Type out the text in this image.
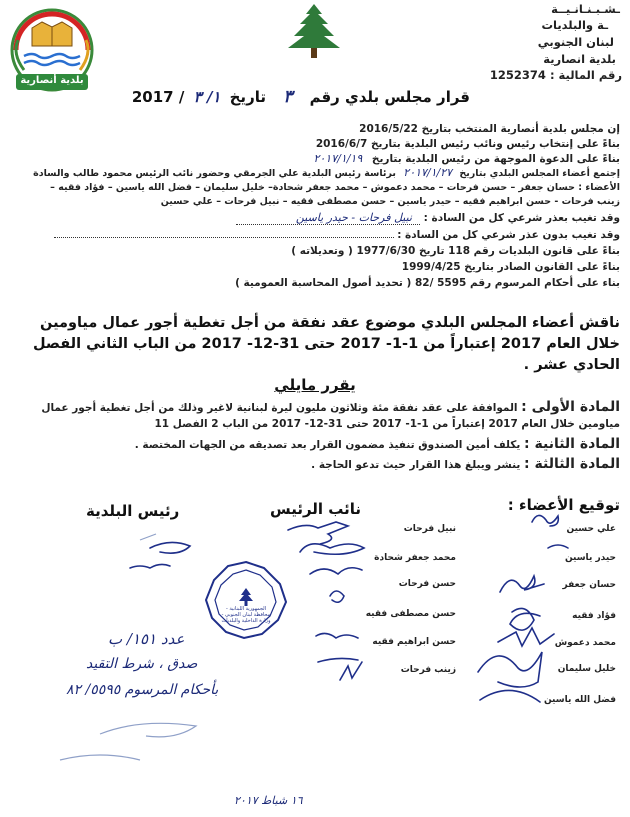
بلدية أنصارية
ـشـبـنـانـيــة
ـة والبلديات
لبنان الجنوبي
بلدية انصارية
رقم المالية : 1252374
قرار مجلس بلدي رقم ٣ تاريخ ١/ ٣ / 2017
إن مجلس بلدية أنصارية المنتخب بتاريخ 2016/5/22
بناءً على إنتخاب رئيس ونائب رئيس البلدية بتاريخ 2016/6/7
بناءً على الدعوة الموجهة من رئيس البلدية بتاريخ ٢٠١٧/١/١٩
إجتمع أعضاء المجلس البلدي بتاريخ ٢٠١٧/١/٢٧ برئاسة رئيس البلدية علي الجرمقي وحضور نائب الرئيس محمود طالب والسادة
الأعضاء : حسان جعفر – حسن فرحات – محمد دعموش – محمد جعفر شحادة– خليل سليمان – فضل الله ياسين – فؤاد فقيه –
زينب فرحات - حسن ابراهيم فقيه – حيدر ياسين – حسن مصطفى فقيه – نبيل فرحات – علي حسين
وقد تغيب بعذر شرعي كل من السادة : نبيل فرحات - حيدر ياسين
وقد تغيب بدون عذر شرعي كل من السادة :
بناءً على قانون البلديات رقم 118 تاريخ 1977/6/30 ( وتعديلاته )
بناءً على القانون الصادر بتاريخ 1999/4/25
بناء على أحكام المرسوم رقم 5595 /82 ( تحديد أصول المحاسبة العمومية )
ناقش أعضاء المجلس البلدي موضوع عقد نفقة من أجل تغطية أجور عمال مياومين خلال العام 2017 إعتباراً من 1-1- 2017 حتى 31-12- 2017 من الباب الثاني الفصل الحادي عشر .
يقرر مايلي
المادة الأولى : الموافقة على عقد نفقة مئة وثلاثون مليون ليرة لبنانية لاغير وذلك من أجل تغطية أجور عمال مياومين خلال العام 2017 إعتباراً من 1-1- 2017 حتى 31-12- 2017 من الباب 2 الفصل 11
المادة الثانية : يكلف أمين الصندوق تنفيذ مضمون القرار بعد تصديقه من الجهات المختصة .
المادة الثالثة : ينشر ويبلغ هذا القرار حيث تدعو الحاجة .
توقيع الأعضاء :
نائب الرئيس
رئيس البلدية
علي حسين
حيدر ياسين
حسان جعفر
فؤاد فقيه
محمد دعموش
خليل سليمان
فضل الله ياسين
نبيل فرحات
محمد جعفر شحادة
حسن فرحات
حسن مصطفى فقيه
حسن ابراهيم فقيه
زينب فرحات
الجمهورية اللبنانية - محافظة لبنان الجنوبي - وزارة الداخلية والبلديات
عدد ١٥١/ ب
صدق ، شرط التقيد
بأحكام المرسوم ٥٥٩٥/ ٨٢
١٦ شباط ٢٠١٧
